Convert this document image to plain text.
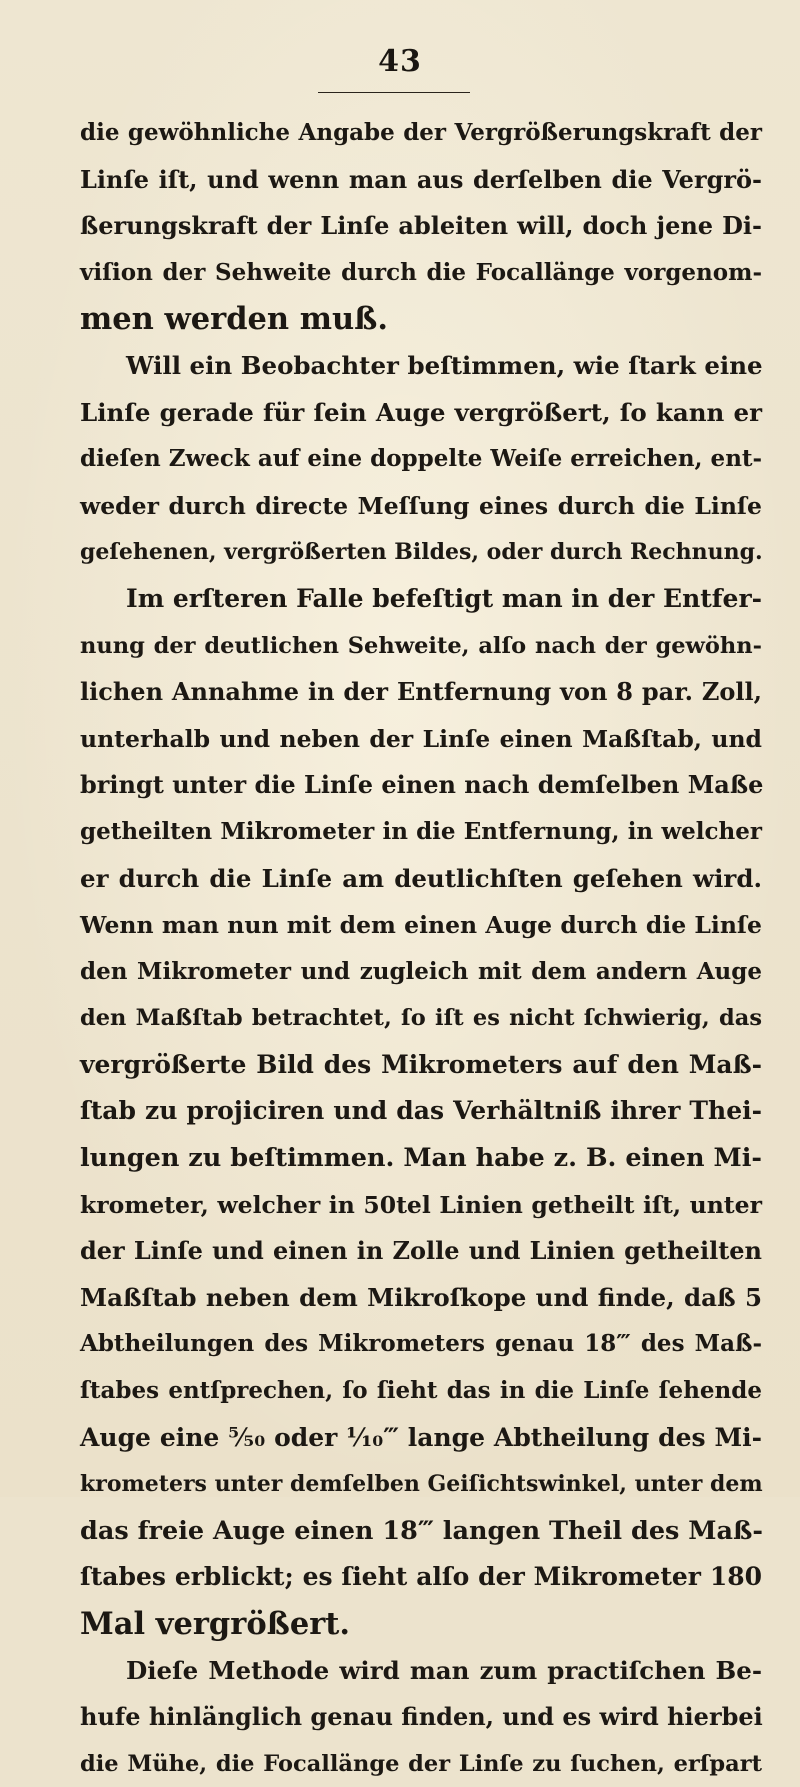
43
die gewöhnliche Angabe der Vergrößerungskraft der
Linſe iſt, und wenn man aus derſelben die Vergrö-
ßerungskraft der Linſe ableiten will, doch jene Di-
viſion der Sehweite durch die Focallänge vorgenom-
men werden muß.
Will ein Beobachter beſtimmen, wie ſtark eine
Linſe gerade für ſein Auge vergrößert, ſo kann er
dieſen Zweck auf eine doppelte Weiſe erreichen, ent-
weder durch directe Meſſung eines durch die Linſe
geſehenen, vergrößerten Bildes, oder durch Rechnung.
Im erſteren Falle befeſtigt man in der Entfer-
nung der deutlichen Sehweite, alſo nach der gewöhn-
lichen Annahme in der Entfernung von 8 par. Zoll,
unterhalb und neben der Linſe einen Maßſtab, und
bringt unter die Linſe einen nach demſelben Maße
getheilten Mikrometer in die Entfernung, in welcher
er durch die Linſe am deutlichſten geſehen wird.
Wenn man nun mit dem einen Auge durch die Linſe
den Mikrometer und zugleich mit dem andern Auge
den Maßſtab betrachtet, ſo iſt es nicht ſchwierig, das
vergrößerte Bild des Mikrometers auf den Maß-
ſtab zu projiciren und das Verhältniß ihrer Thei-
lungen zu beſtimmen. Man habe z. B. einen Mi-
krometer, welcher in 50tel Linien getheilt iſt, unter
der Linſe und einen in Zolle und Linien getheilten
Maßſtab neben dem Mikroſkope und finde, daß 5
Abtheilungen des Mikrometers genau 18‴ des Maß-
ſtabes entſprechen, ſo ſieht das in die Linſe ſehende
Auge eine ⁵⁄₅₀ oder ¹⁄₁₀‴ lange Abtheilung des Mi-
krometers unter demſelben Geiſichtswinkel, unter dem
das freie Auge einen 18‴ langen Theil des Maß-
ſtabes erblickt; es ſieht alſo der Mikrometer 180
Mal vergrößert.
Dieſe Methode wird man zum practiſchen Be-
hufe hinlänglich genau finden, und es wird hierbei
die Mühe, die Focallänge der Linſe zu ſuchen, erſpart
